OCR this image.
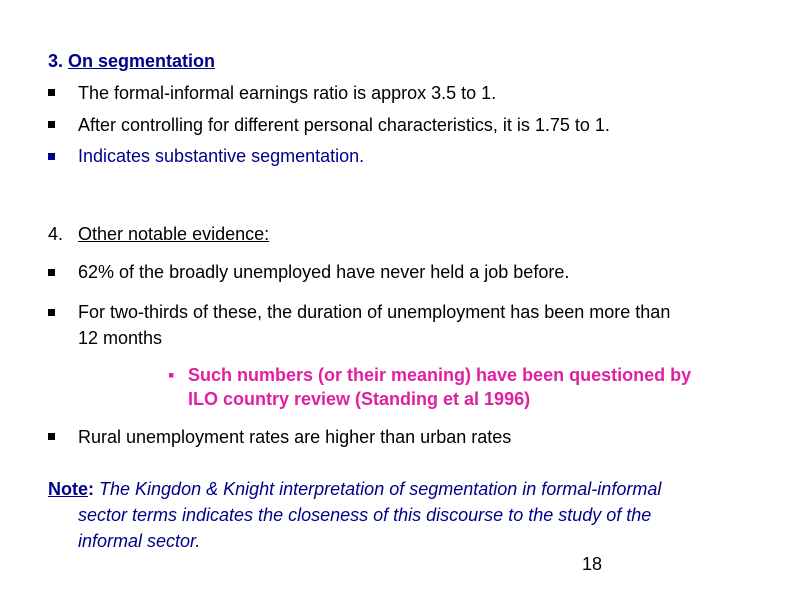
3. On segmentation
The formal-informal earnings ratio is approx 3.5 to 1.
After controlling for different personal characteristics, it is 1.75 to 1.
Indicates substantive segmentation.
4. Other notable evidence:
62% of the broadly unemployed have never held a job before.
For two-thirds of these, the duration of unemployment has been more than
12 months
▪ Such numbers (or their meaning) have been questioned by
ILO country review (Standing et al 1996)
Rural unemployment rates are higher than urban rates
Note: The Kingdon & Knight interpretation of segmentation in formal-informal
sector terms indicates the closeness of this discourse to the study of the
informal sector.
18
